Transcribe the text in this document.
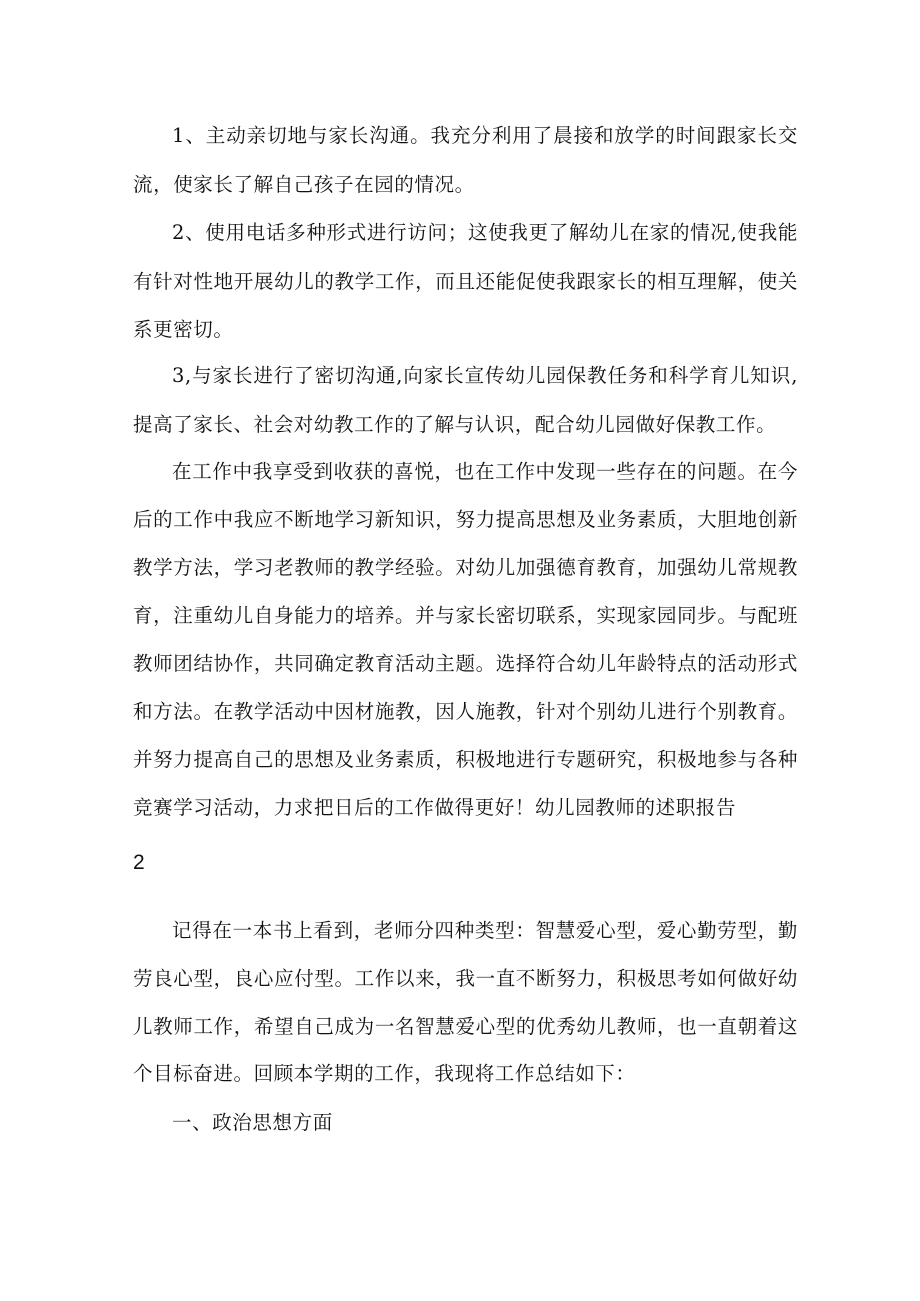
1、主动亲切地与家长沟通。我充分利用了晨接和放学的时间跟家长交流，使家长了解自己孩子在园的情况。

2、使用电话多种形式进行访问；这使我更了解幼儿在家的情况,使我能有针对性地开展幼儿的教学工作，而且还能促使我跟家长的相互理解，使关系更密切。

3,与家长进行了密切沟通,向家长宣传幼儿园保教任务和科学育儿知识,提高了家长、社会对幼教工作的了解与认识，配合幼儿园做好保教工作。

在工作中我享受到收获的喜悦，也在工作中发现一些存在的问题。在今后的工作中我应不断地学习新知识，努力提高思想及业务素质，大胆地创新教学方法，学习老教师的教学经验。对幼儿加强德育教育，加强幼儿常规教育，注重幼儿自身能力的培养。并与家长密切联系，实现家园同步。与配班教师团结协作，共同确定教育活动主题。选择符合幼儿年龄特点的活动形式和方法。在教学活动中因材施教，因人施教，针对个别幼儿进行个别教育。并努力提高自己的思想及业务素质，积极地进行专题研究，积极地参与各种竞赛学习活动，力求把日后的工作做得更好！幼儿园教师的述职报告

2

记得在一本书上看到，老师分四种类型：智慧爱心型，爱心勤劳型，勤劳良心型，良心应付型。工作以来，我一直不断努力，积极思考如何做好幼儿教师工作，希望自己成为一名智慧爱心型的优秀幼儿教师，也一直朝着这个目标奋进。回顾本学期的工作，我现将工作总结如下：

一、政治思想方面
